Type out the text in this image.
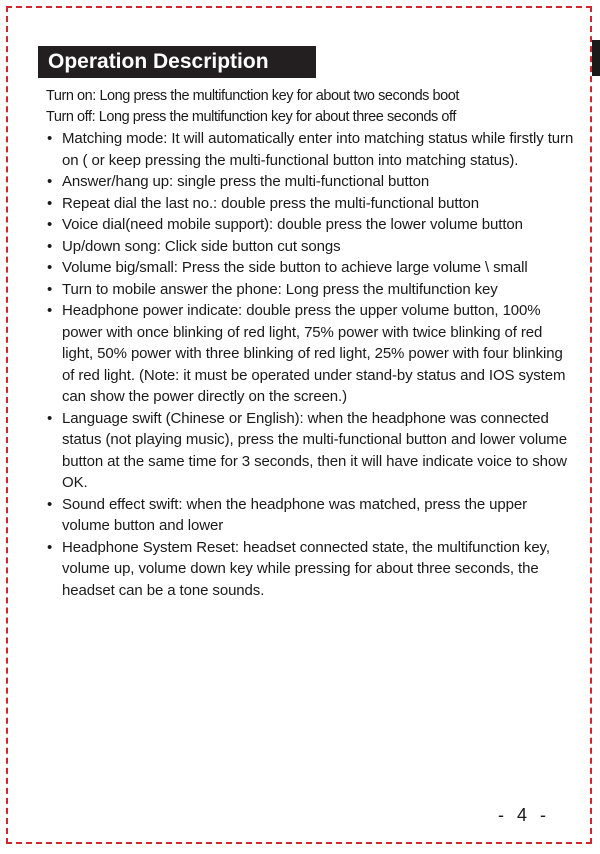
Operation Description
Turn on: Long press the multifunction key for about two seconds boot
Turn off: Long press the multifunction key for about three seconds off
• Matching mode: It will automatically enter into matching status while firstly turn on ( or keep pressing the multi-functional button into matching status).
• Answer/hang up: single press the multi-functional button
• Repeat dial the last no.: double press the multi-functional button
• Voice dial(need mobile support): double press the lower volume button
• Up/down song: Click side button cut songs
• Volume big/small: Press the side button to achieve large volume \ small
• Turn to mobile answer the phone: Long press the multifunction key
• Headphone power indicate: double press the upper volume button, 100% power with once blinking of red light, 75% power with twice blinking of red light, 50% power with three blinking of red light, 25% power with four blinking of red light. (Note: it must be operated under stand-by status and IOS system can show the power directly on the screen.)
• Language swift (Chinese or English): when the headphone was connected status (not playing music), press the multi-functional button and lower volume button at the same time for 3 seconds, then it will have indicate voice to show OK.
• Sound effect swift: when the headphone was matched, press the upper volume button and lower
• Headphone System Reset: headset connected state, the multifunction key, volume up, volume down key while pressing for about three seconds, the headset can be a tone sounds.
- 4 -
